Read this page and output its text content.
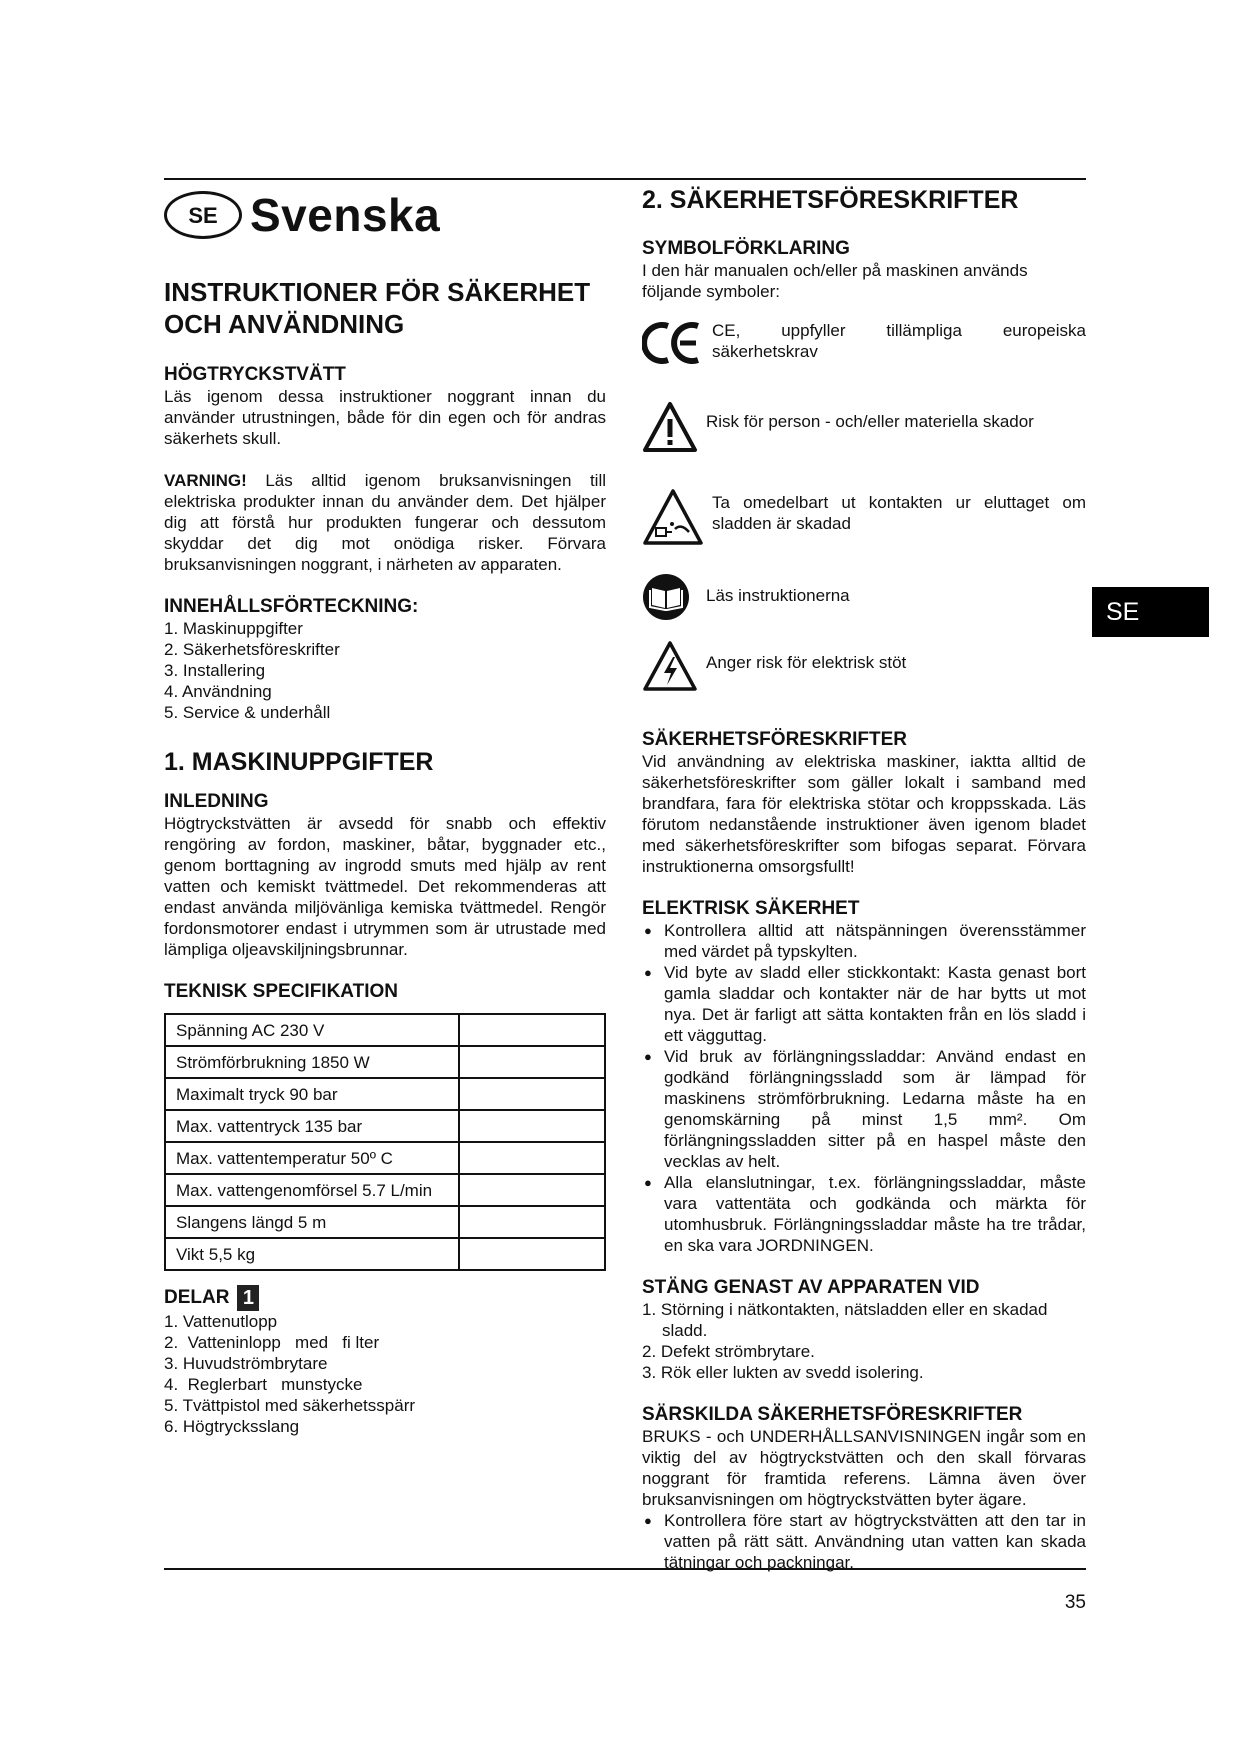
SE Svenska
INSTRUKTIONER FÖR SÄKERHET
OCH ANVÄNDNING
HÖGTRYCKSTVÄTT

Läs igenom dessa instruktioner noggrant innan du använder utrustningen, både för din egen och för andras säkerhets skull.

VARNING! Läs alltid igenom bruksanvisningen till elektriska produkter innan du använder dem. Det hjälper dig att förstå hur produkten fungerar och dessutom skyddar det dig mot onödiga risker. Förvara bruksanvisningen noggrant, i närheten av apparaten.

INNEHÅLLSFÖRTECKNING:
1. Maskinuppgifter
2. Säkerhetsföreskrifter
3. Installering
4. Användning
5. Service & underhåll
1. MASKINUPPGIFTER
INLEDNING

Högtryckstvätten är avsedd för snabb och effektiv rengöring av fordon, maskiner, båtar, byggnader etc., genom borttagning av ingrodd smuts med hjälp av rent vatten och kemiskt tvättmedel. Det rekommenderas att endast använda miljövänliga kemiska tvättmedel. Rengör fordonsmotorer endast i utrymmen som är utrustade med lämpliga oljeavskiljningsbrunnar.

TEKNISK SPECIFIKATION
Spänning AC 230 V	
Strömförbrukning 1850 W	
Maximalt tryck 90 bar	
Max. vattentryck 135 bar	
Max. vattentemperatur 50º C	
Max. vattengenomförsel 5.7 L/min	
Slangens längd 5 m	
Vikt 5,5 kg	
DELAR 1
1. Vattenutlopp
2.  Vatteninlopp   med   fi lter
3. Huvudströmbrytare
4.  Reglerbart   munstycke
5. Tvättpistol med säkerhetsspärr
6. Högtrycksslang
2. SÄKERHETSFÖRESKRIFTER
SYMBOLFÖRKLARING

I den här manualen och/eller på maskinen används följande symboler:

CE, uppfyller tillämpliga europeiska säkerhetskrav

Risk för person - och/eller materiella skador

Ta omedelbart ut kontakten ur eluttaget om sladden är skadad

Läs instruktionerna

Anger risk för elektrisk stöt

SÄKERHETSFÖRESKRIFTER

Vid användning av elektriska maskiner, iaktta alltid de säkerhetsföreskrifter som gäller lokalt i samband med brandfara, fara för elektriska stötar och kroppsskada. Läs förutom nedanstående instruktioner även igenom bladet med säkerhetsföreskrifter som bifogas separat. Förvara instruktionerna omsorgsfullt!

ELEKTRISK SÄKERHET
● Kontrollera alltid att nätspänningen överensstämmer med värdet på typskylten.
● Vid byte av sladd eller stickkontakt: Kasta genast bort gamla sladdar och kontakter när de har bytts ut mot nya. Det är farligt att sätta kontakten från en lös sladd i ett vägguttag.
● Vid bruk av förlängningssladdar: Använd endast en godkänd förlängningssladd som är lämpad för maskinens strömförbrukning. Ledarna måste ha en genomskärning på minst 1,5 mm². Om förlängningssladden sitter på en haspel måste den vecklas av helt.
● Alla elanslutningar, t.ex. förlängningssladdar, måste vara vattentäta och godkända och märkta för utomhusbruk. Förlängningssladdar måste ha tre trådar, en ska vara JORDNINGEN.
STÄNG GENAST AV APPARATEN VID
1. Störning i nätkontakten, nätsladden eller en skadad sladd.
2. Defekt strömbrytare.
3. Rök eller lukten av svedd isolering.
SÄRSKILDA SÄKERHETSFÖRESKRIFTER

BRUKS - och UNDERHÅLLSANVISNINGEN ingår som en viktig del av högtryckstvätten och den skall förvaras noggrant för framtida referens. Lämna även över bruksanvisningen om högtryckstvätten byter ägare.

● Kontrollera före start av högtryckstvätten att den tar in vatten på rätt sätt. Användning utan vatten kan skada tätningar och packningar.
SE
35
